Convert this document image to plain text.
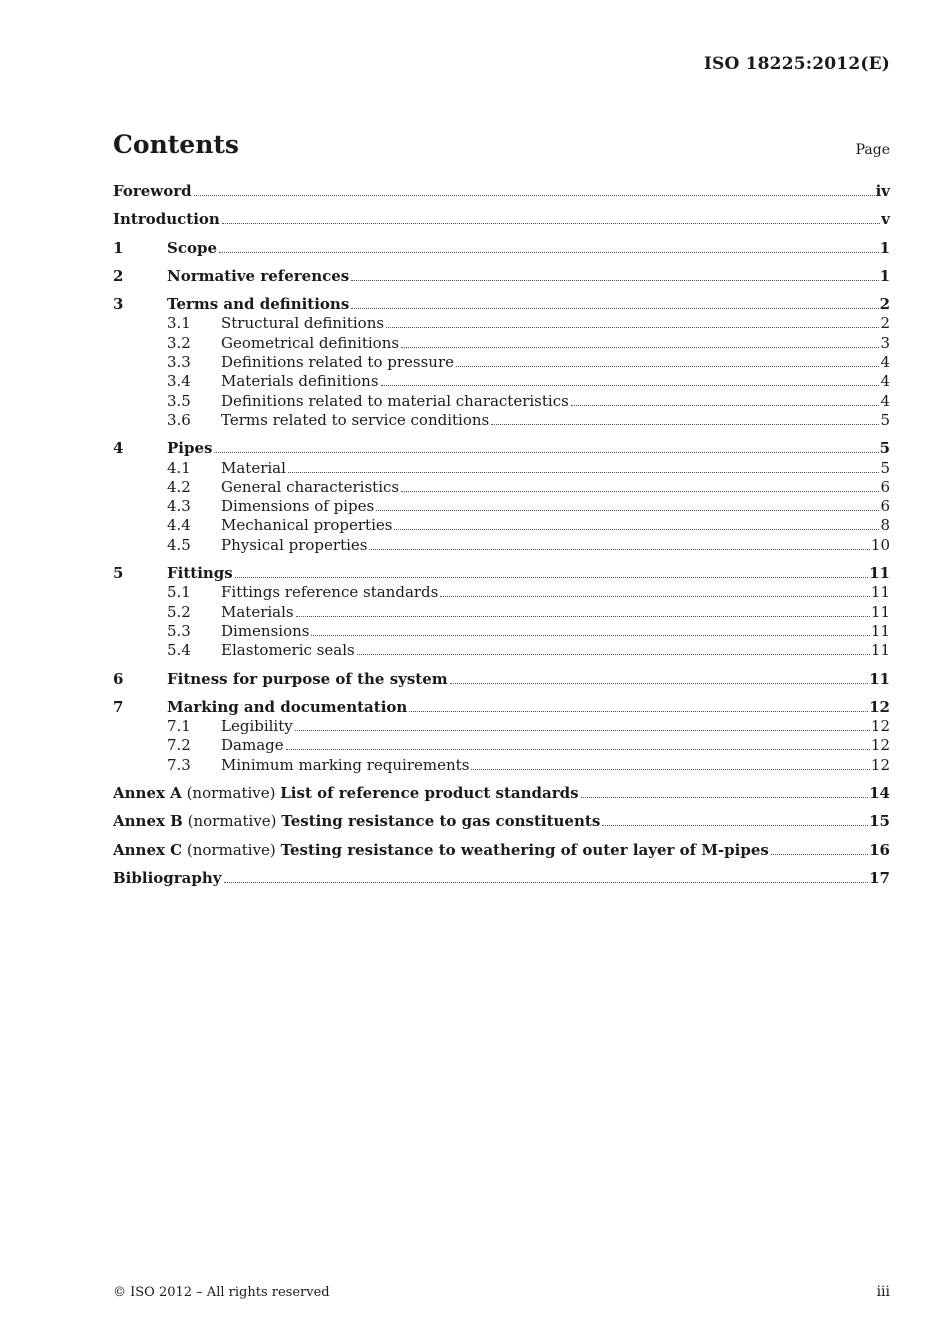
ISO 18225:2012(E)
Contents	Page
Foreword	iv
Introduction	v
1	Scope	1
2	Normative references	1
3	Terms and definitions	2
3.1	Structural definitions	2
3.2	Geometrical definitions	3
3.3	Definitions related to pressure	4
3.4	Materials definitions	4
3.5	Definitions related to material characteristics	4
3.6	Terms related to service conditions	5
4	Pipes	5
4.1	Material	5
4.2	General characteristics	6
4.3	Dimensions of pipes	6
4.4	Mechanical properties	8
4.5	Physical properties	10
5	Fittings	11
5.1	Fittings reference standards	11
5.2	Materials	11
5.3	Dimensions	11
5.4	Elastomeric seals	11
6	Fitness for purpose of the system	11
7	Marking and documentation	12
7.1	Legibility	12
7.2	Damage	12
7.3	Minimum marking requirements	12
Annex A (normative) List of reference product standards	14
Annex B (normative) Testing resistance to gas constituents	15
Annex C (normative) Testing resistance to weathering of outer layer of M-pipes	16
Bibliography	17
© ISO 2012 – All rights reserved	iii
